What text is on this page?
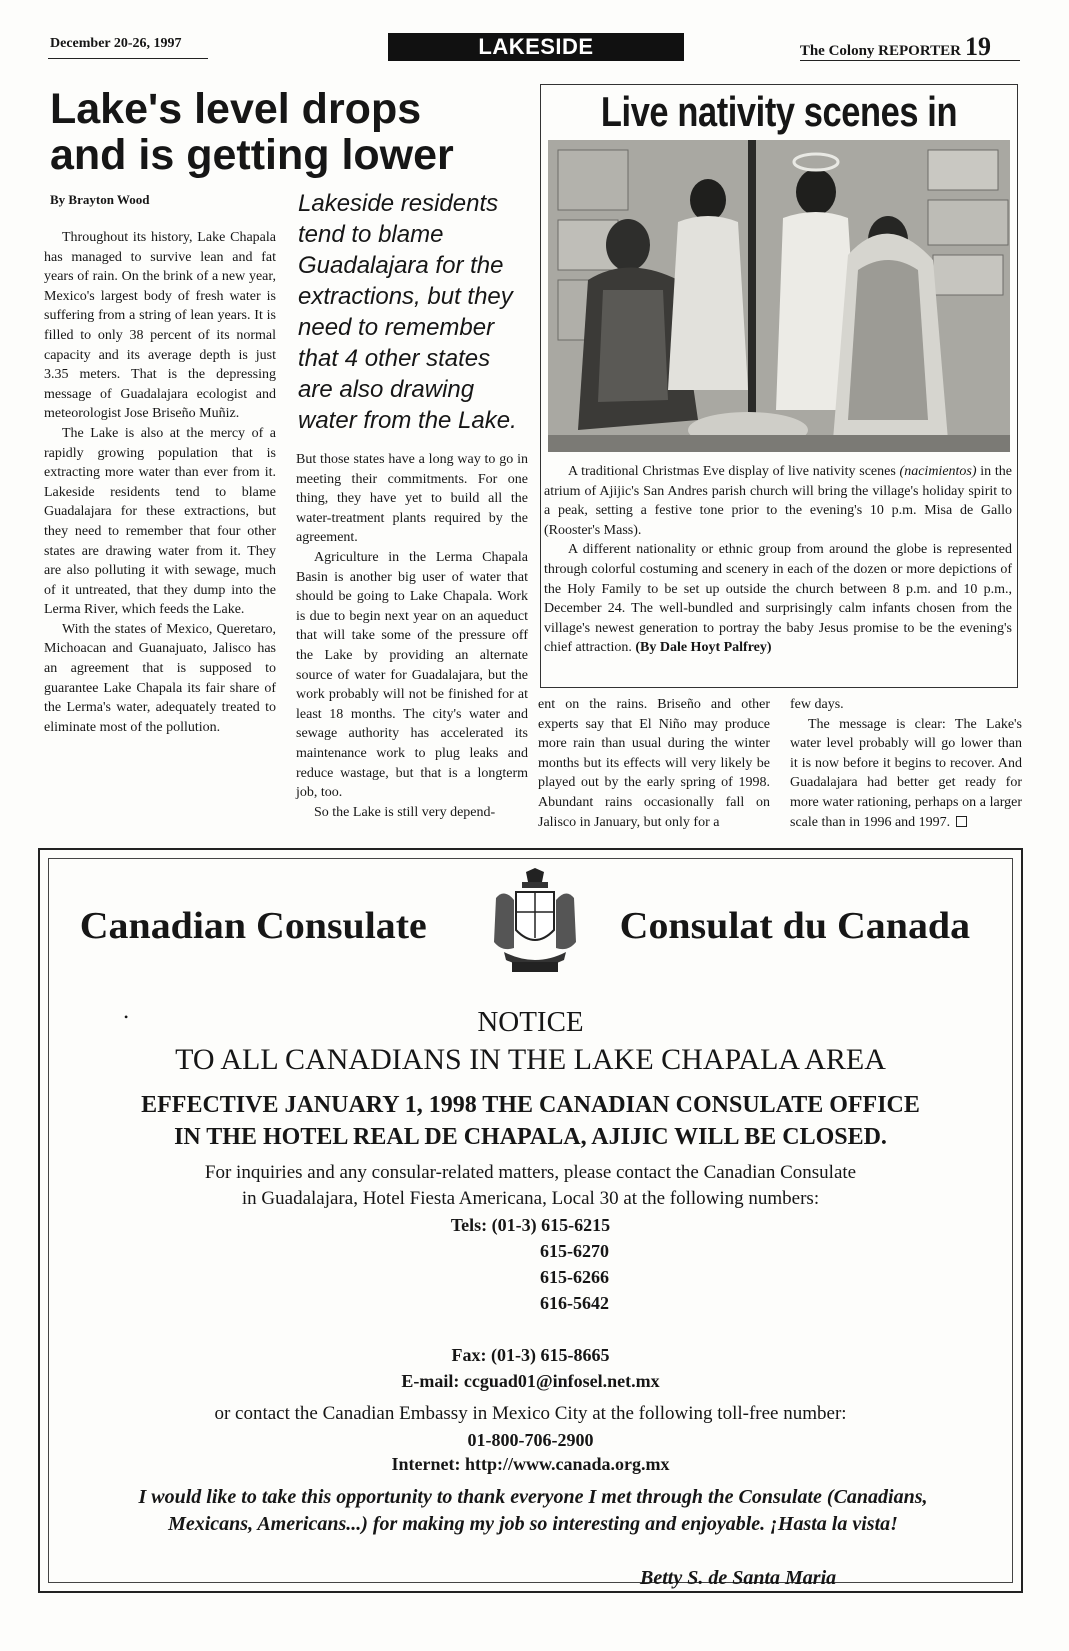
December 20-26, 1997	LAKESIDE	The Colony REPORTER 19
Lake's level drops
and is getting lower
By Brayton Wood

Throughout its history, Lake Chapala has managed to survive lean and fat years of rain. On the brink of a new year, Mexico's largest body of fresh water is suffering from a string of lean years. It is filled to only 38 percent of its normal capacity and its average depth is just 3.35 meters. That is the depressing message of Guadalajara ecologist and meteorologist Jose Briseño Muñiz.

The Lake is also at the mercy of a rapidly growing population that is extracting more water than ever from it. Lakeside residents tend to blame Guadalajara for these extractions, but they need to remember that four other states are drawing water from it. They are also polluting it with sewage, much of it untreated, that they dump into the Lerma River, which feeds the Lake.

With the states of Mexico, Queretaro, Michoacan and Guanajuato, Jalisco has an agreement that is supposed to guarantee Lake Chapala its fair share of the Lerma's water, adequately treated to eliminate most of the pollution.

Lakeside residents tend to blame Guadalajara for the extractions, but they need to remember that 4 other states are also drawing water from the Lake.

But those states have a long way to go in meeting their commitments. For one thing, they have yet to build all the water-treatment plants required by the agreement.

Agriculture in the Lerma Chapala Basin is another big user of water that should be going to Lake Chapala. Work is due to begin next year on an aqueduct that will take some of the pressure off the Lake by providing an alternate source of water for Guadalajara, but the work probably will not be finished for at least 18 months. The city's water and sewage authority has accelerated its maintenance work to plug leaks and reduce wastage, but that is a longterm job, too.

So the Lake is still very depend-

ent on the rains. Briseño and other experts say that El Niño may produce more rain than usual during the winter months but its effects will very likely be played out by the early spring of 1998. Abundant rains occasionally fall on Jalisco in January, but only for a

few days.

The message is clear: The Lake's water level probably will go lower than it is now before it begins to recover. And Guadalajara had better get ready for more water rationing, perhaps on a larger scale than in 1996 and 1997.

Live nativity scenes in

A traditional Christmas Eve display of live nativity scenes (nacimientos) in the atrium of Ajijic's San Andres parish church will bring the village's holiday spirit to a peak, setting a festive tone prior to the evening's 10 p.m. Misa de Gallo (Rooster's Mass).

A different nationality or ethnic group from around the globe is represented through colorful costuming and scenery in each of the dozen or more depictions of the Holy Family to be set up outside the church between 8 p.m. and 10 p.m., December 24. The well-bundled and surprisingly calm infants chosen from the village's newest generation to portray the baby Jesus promise to be the evening's chief attraction. (By Dale Hoyt Palfrey)

Canadian Consulate	Consulat du Canada
•	NOTICE

TO ALL CANADIANS IN THE LAKE CHAPALA AREA

EFFECTIVE JANUARY 1, 1998 THE CANADIAN CONSULATE OFFICE
IN THE HOTEL REAL DE CHAPALA, AJIJIC WILL BE CLOSED.

For inquiries and any consular-related matters, please contact the Canadian Consulate
in Guadalajara, Hotel Fiesta Americana, Local 30 at the following numbers:

Tels: (01-3) 615-6215

615-6270
615-6266
616-5642

Fax: (01-3) 615-8665

E-mail: ccguad01@infosel.net.mx

or contact the Canadian Embassy in Mexico City at the following toll-free number:

01-800-706-2900

Internet: http://www.canada.org.mx

I would like to take this opportunity to thank everyone I met through the Consulate (Canadians, Mexicans, Americans...) for making my job so interesting and enjoyable. ¡Hasta la vista!

Betty S. de Santa Maria
